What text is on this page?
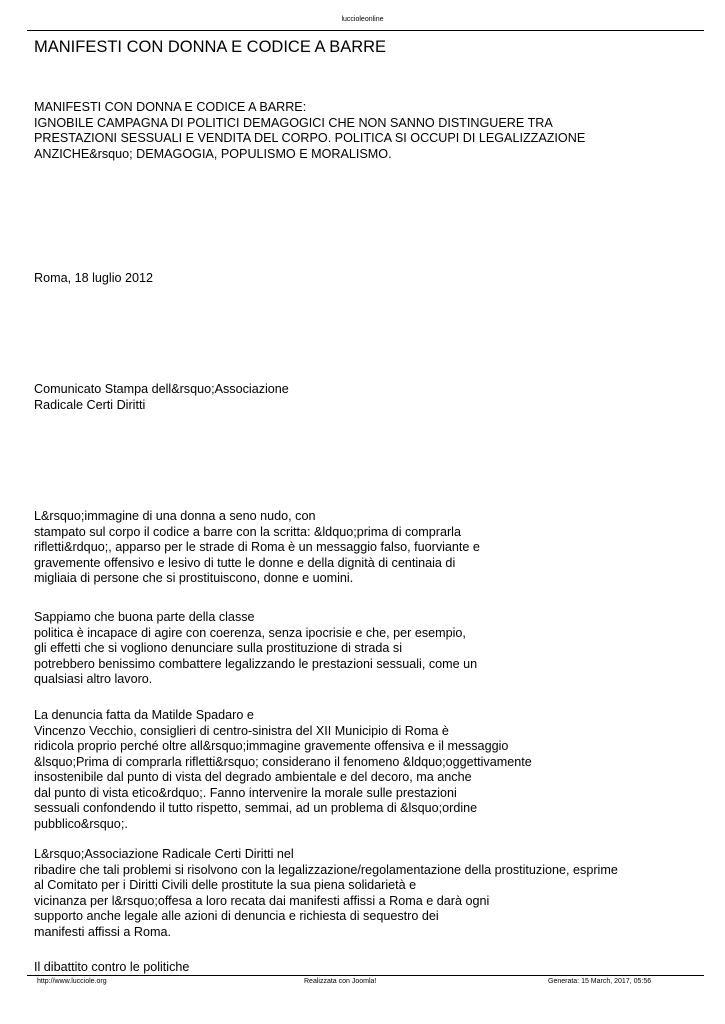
luccioleonline
MANIFESTI CON DONNA E CODICE A BARRE

MANIFESTI CON DONNA E CODICE A BARRE:
IGNOBILE CAMPAGNA DI POLITICI DEMAGOGICI CHE NON SANNO DISTINGUERE TRA
PRESTAZIONI SESSUALI E VENDITA DEL CORPO. POLITICA SI OCCUPI DI LEGALIZZAZIONE
ANZICHE&rsquo; DEMAGOGIA, POPULISMO E MORALISMO.

Roma, 18 luglio 2012

Comunicato Stampa dell&rsquo;Associazione
Radicale Certi Diritti

L&rsquo;immagine di una donna a seno nudo, con
stampato sul corpo il codice a barre con la scritta: &ldquo;prima di comprarla
rifletti&rdquo;, apparso per le strade di Roma è un messaggio falso, fuorviante e
gravemente offensivo e lesivo di tutte le donne e della dignità di centinaia di
migliaia di persone che si prostituiscono, donne e uomini.

Sappiamo che buona parte della classe
politica è incapace di agire con coerenza, senza ipocrisie e che, per esempio,
gli effetti che si vogliono denunciare sulla prostituzione di strada si
potrebbero benissimo combattere legalizzando le prestazioni sessuali, come un
qualsiasi altro lavoro.

La denuncia fatta da Matilde Spadaro e
Vincenzo Vecchio, consiglieri di centro-sinistra del XII Municipio di Roma è
ridicola proprio perché oltre all&rsquo;immagine gravemente offensiva e il messaggio
&lsquo;Prima di comprarla rifletti&rsquo; considerano il fenomeno &ldquo;oggettivamente
insostenibile dal punto di vista del degrado ambientale e del decoro, ma anche
dal punto di vista etico&rdquo;. Fanno intervenire la morale sulle prestazioni
sessuali confondendo il tutto rispetto, semmai, ad un problema di &lsquo;ordine
pubblico&rsquo;.

L&rsquo;Associazione Radicale Certi Diritti nel
ribadire che tali problemi si risolvono con la legalizzazione/regolamentazione della prostituzione, esprime
al Comitato per i Diritti Civili delle prostitute la sua piena solidarietà e
vicinanza per l&rsquo;offesa a loro recata dai manifesti affissi a Roma e darà ogni
supporto anche legale alle azioni di denuncia e richiesta di sequestro dei
manifesti affissi a Roma.

Il dibattito contro le politiche

http://www.lucciole.org	Realizzata con Joomla!	Generata: 15 March, 2017, 05:56
